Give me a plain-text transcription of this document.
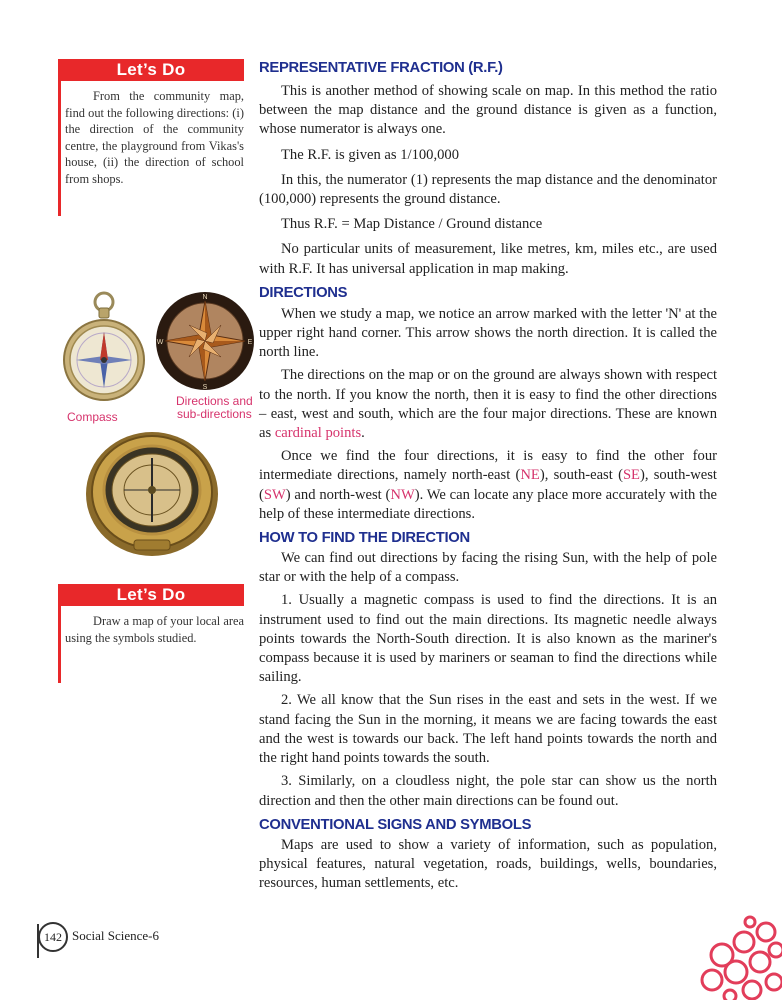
Let’s Do

From the community map, find out the following directions: (i) the direction of the community centre, the playground from Vikas's house, (ii) the direction of school from shops.

N
S
E
W
Directions and
sub-directions
Compass
Let’s Do

Draw a map of your local area using the symbols studied.

REPRESENTATIVE FRACTION (R.F.)

This is another method of showing scale on map. In this method the ratio between the map distance and the ground distance is given as a function, whose numerator is always one.

The R.F. is given as 1/100,000

In this, the numerator (1) represents the map distance and the denominator (100,000) represents the ground distance.

Thus R.F. = Map Distance / Ground distance

No particular units of measurement, like metres, km, miles etc., are used with R.F. It has universal application in map making.

DIRECTIONS

When we study a map, we notice an arrow marked with the letter 'N' at the upper right hand corner. This arrow shows the north direction. It is called the north line.

The directions on the map or on the ground are always shown with respect to the north. If you know the north, then it is easy to find the other directions – east, west and south, which are the four major directions. These are known as cardinal points.

Once we find the four directions, it is easy to find the other four intermediate directions, namely north-east (NE), south-east (SE), south-west (SW) and north-west (NW). We can locate any place more accurately with the help of these intermediate directions.

HOW TO FIND THE DIRECTION

We can find out directions by facing the rising Sun, with the help of pole star or with the help of a compass.

1. Usually a magnetic compass is used to find the directions. It is an instrument used to find out the main directions. Its magnetic needle always points towards the North-South direction. It is also known as the mariner's compass because it is used by mariners or seaman to find the directions while sailing.

2. We all know that the Sun rises in the east and sets in the west. If we stand facing the Sun in the morning, it means we are facing towards the east and the west is towards our back. The left hand points towards the north and the right hand points towards the south.

3. Similarly, on a cloudless night, the pole star can show us the north direction and then the other main directions can be found out.

CONVENTIONAL SIGNS AND SYMBOLS

Maps are used to show a variety of information, such as population, physical features, natural vegetation, roads, buildings, wells, boundaries, resources, human settlements, etc.

142 Social Science-6
